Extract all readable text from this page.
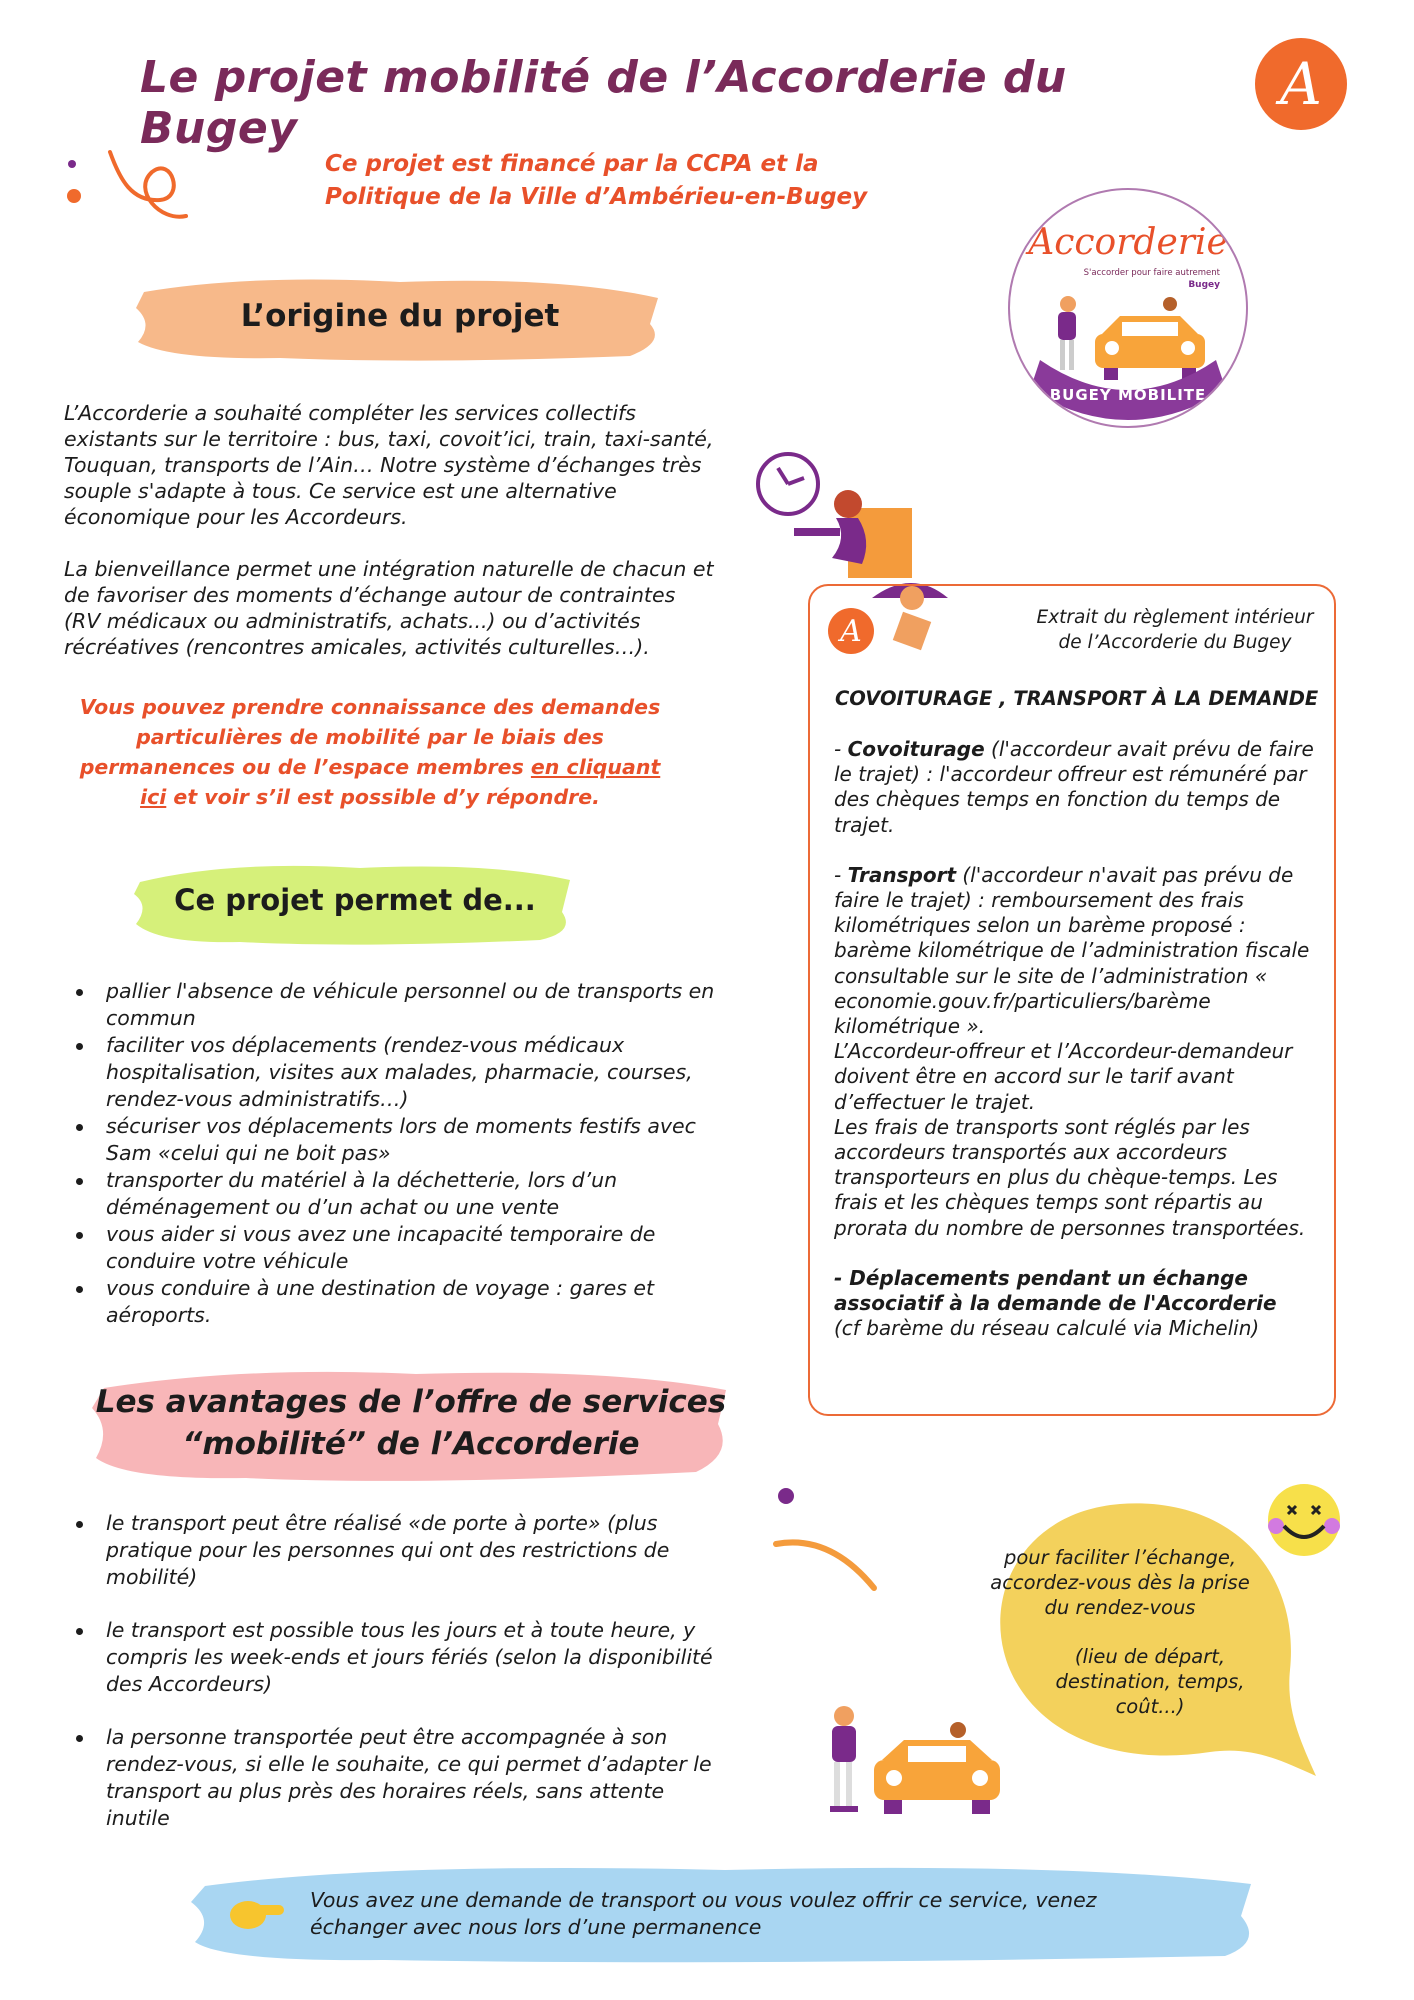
Le projet mobilité de l’Accorderie du Bugey
A
Ce projet est financé par la CCPA et la
Politique de la Ville d’Ambérieu-en-Bugey
Accorderie
S'accorder pour faire autrement
Bugey
BUGEY MOBILITE
L’origine du projet

L’Accorderie a souhaité compléter les services collectifs existants sur le territoire : bus, taxi, covoit’ici, train, taxi-santé, Touquan, transports de l’Ain… Notre système d’échanges très souple s'adapte à tous. Ce service est une alternative économique pour les Accordeurs.

La bienveillance permet une intégration naturelle de chacun et de favoriser des moments d’échange autour de contraintes (RV médicaux ou administratifs, achats...) ou d’activités récréatives (rencontres amicales, activités culturelles…).

Vous pouvez prendre connaissance des demandes particulières de mobilité par le biais des permanences ou de l’espace membres en cliquant ici et voir s’il est possible d’y répondre.
Ce projet permet de...
pallier l'absence de véhicule personnel ou de transports en commun
faciliter vos déplacements (rendez-vous médicaux hospitalisation, visites aux malades, pharmacie, courses, rendez-vous administratifs…)
sécuriser vos déplacements lors de moments festifs avec Sam «celui qui ne boit pas»
transporter du matériel à la déchetterie, lors d’un déménagement ou d’un achat ou une vente
vous aider si vous avez une incapacité temporaire de conduire votre véhicule
vous conduire à une destination de voyage : gares et aéroports.
Les avantages de l’offre de services
“mobilité” de l’Accorderie
le transport peut être réalisé «de porte à porte» (plus pratique pour les personnes qui ont des restrictions de mobilité)
le transport est possible tous les jours et à toute heure, y compris les week-ends et jours fériés (selon la disponibilité des Accordeurs)
la personne transportée peut être accompagnée à son rendez-vous, si elle le souhaite, ce qui permet d’adapter le transport au plus près des horaires réels, sans attente inutile
A	Extrait du règlement intérieur de l’Accorderie du Bugey
COVOITURAGE , TRANSPORT À LA DEMANDE

- Covoiturage (l'accordeur avait prévu de faire le trajet) : l'accordeur offreur est rémunéré par des chèques temps en fonction du temps de trajet.

- Transport (l'accordeur n'avait pas prévu de faire le trajet) : remboursement des frais kilométriques selon un barème proposé : barème kilométrique de l’administration fiscale consultable sur le site de l’administration « economie.gouv.fr/particuliers/barème kilométrique ».

L’Accordeur-offreur et l’Accordeur-demandeur doivent être en accord sur le tarif avant d’effectuer le trajet.

Les frais de transports sont réglés par les accordeurs transportés aux accordeurs transporteurs en plus du chèque-temps. Les frais et les chèques temps sont répartis au prorata du nombre de personnes transportées.

- Déplacements pendant un échange associatif à la demande de l'Accorderie

(cf barème du réseau calculé via Michelin)

pour faciliter l’échange, accordez-vous dès la prise du rendez-vous
(lieu de départ, destination, temps, coût...)
Vous avez une demande de transport ou vous voulez offrir ce service, venez échanger avec nous lors d’une permanence
